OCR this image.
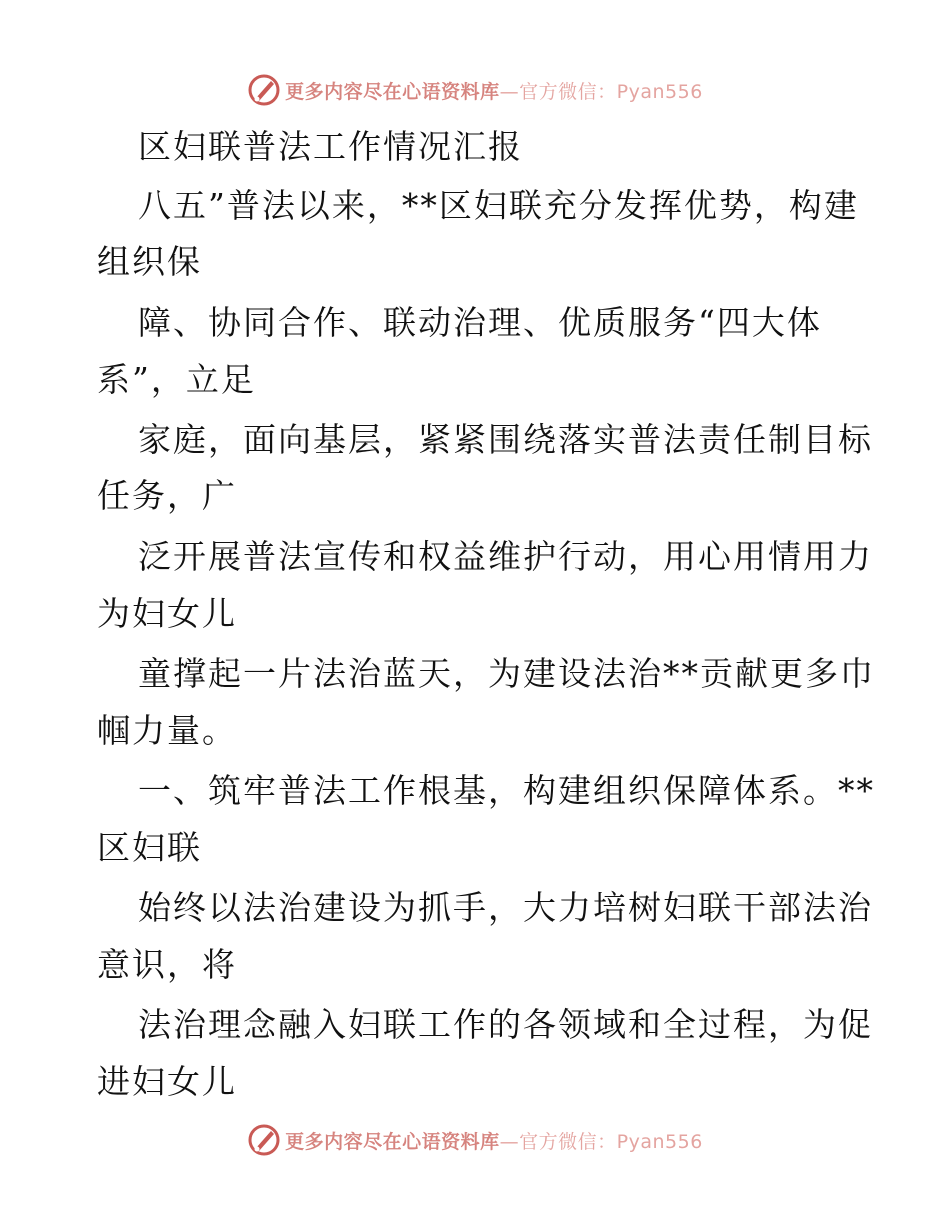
更多内容尽在心语资料库—官方微信：Pyan556
区妇联普法工作情况汇报
八五”普法以来，**区妇联充分发挥优势，构建
组织保
障、协同合作、联动治理、优质服务“四大体
系”，立足
家庭，面向基层，紧紧围绕落实普法责任制目标
任务，广
泛开展普法宣传和权益维护行动，用心用情用力
为妇女儿
童撑起一片法治蓝天，为建设法治**贡献更多巾
帼力量。
一、筑牢普法工作根基，构建组织保障体系。**
区妇联
始终以法治建设为抓手，大力培树妇联干部法治
意识，将
法治理念融入妇联工作的各领域和全过程，为促
进妇女儿
更多内容尽在心语资料库—官方微信：Pyan556
